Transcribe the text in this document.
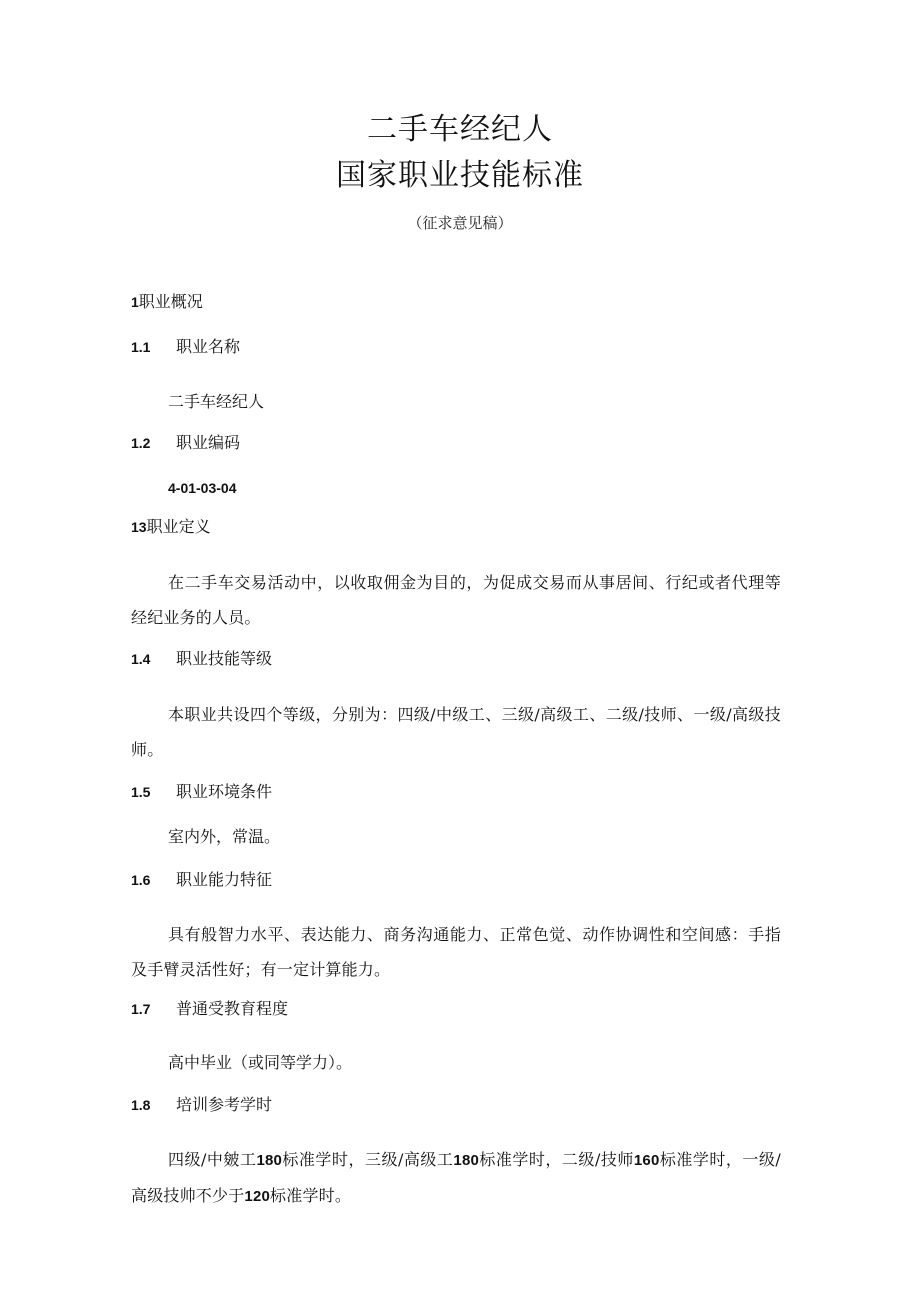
二手车经纪人
国家职业技能标准
（征求意见稿）
1职业概况
1.1 职业名称
二手车经纪人
1.2 职业编码
4-01-03-04
13职业定义
在二手车交易活动中，以收取佣金为目的，为促成交易而从事居间、行纪或者代理等经纪业务的人员。
1.4 职业技能等级
本职业共设四个等级，分别为：四级/中级工、三级/高级工、二级/技师、一级/高级技师。
1.5 职业环境条件
室内外，常温。
1.6 职业能力特征
具有般智力水平、表达能力、商务沟通能力、正常色觉、动作协调性和空间感：手指及手臂灵活性好；有一定计算能力。
1.7 普通受教育程度
高中毕业（或同等学力）。
1.8 培训参考学时
四级/中皴工180标准学时，三级/高级工180标准学时，二级/技师160标准学时，一级/高级技帅不少于120标准学时。
